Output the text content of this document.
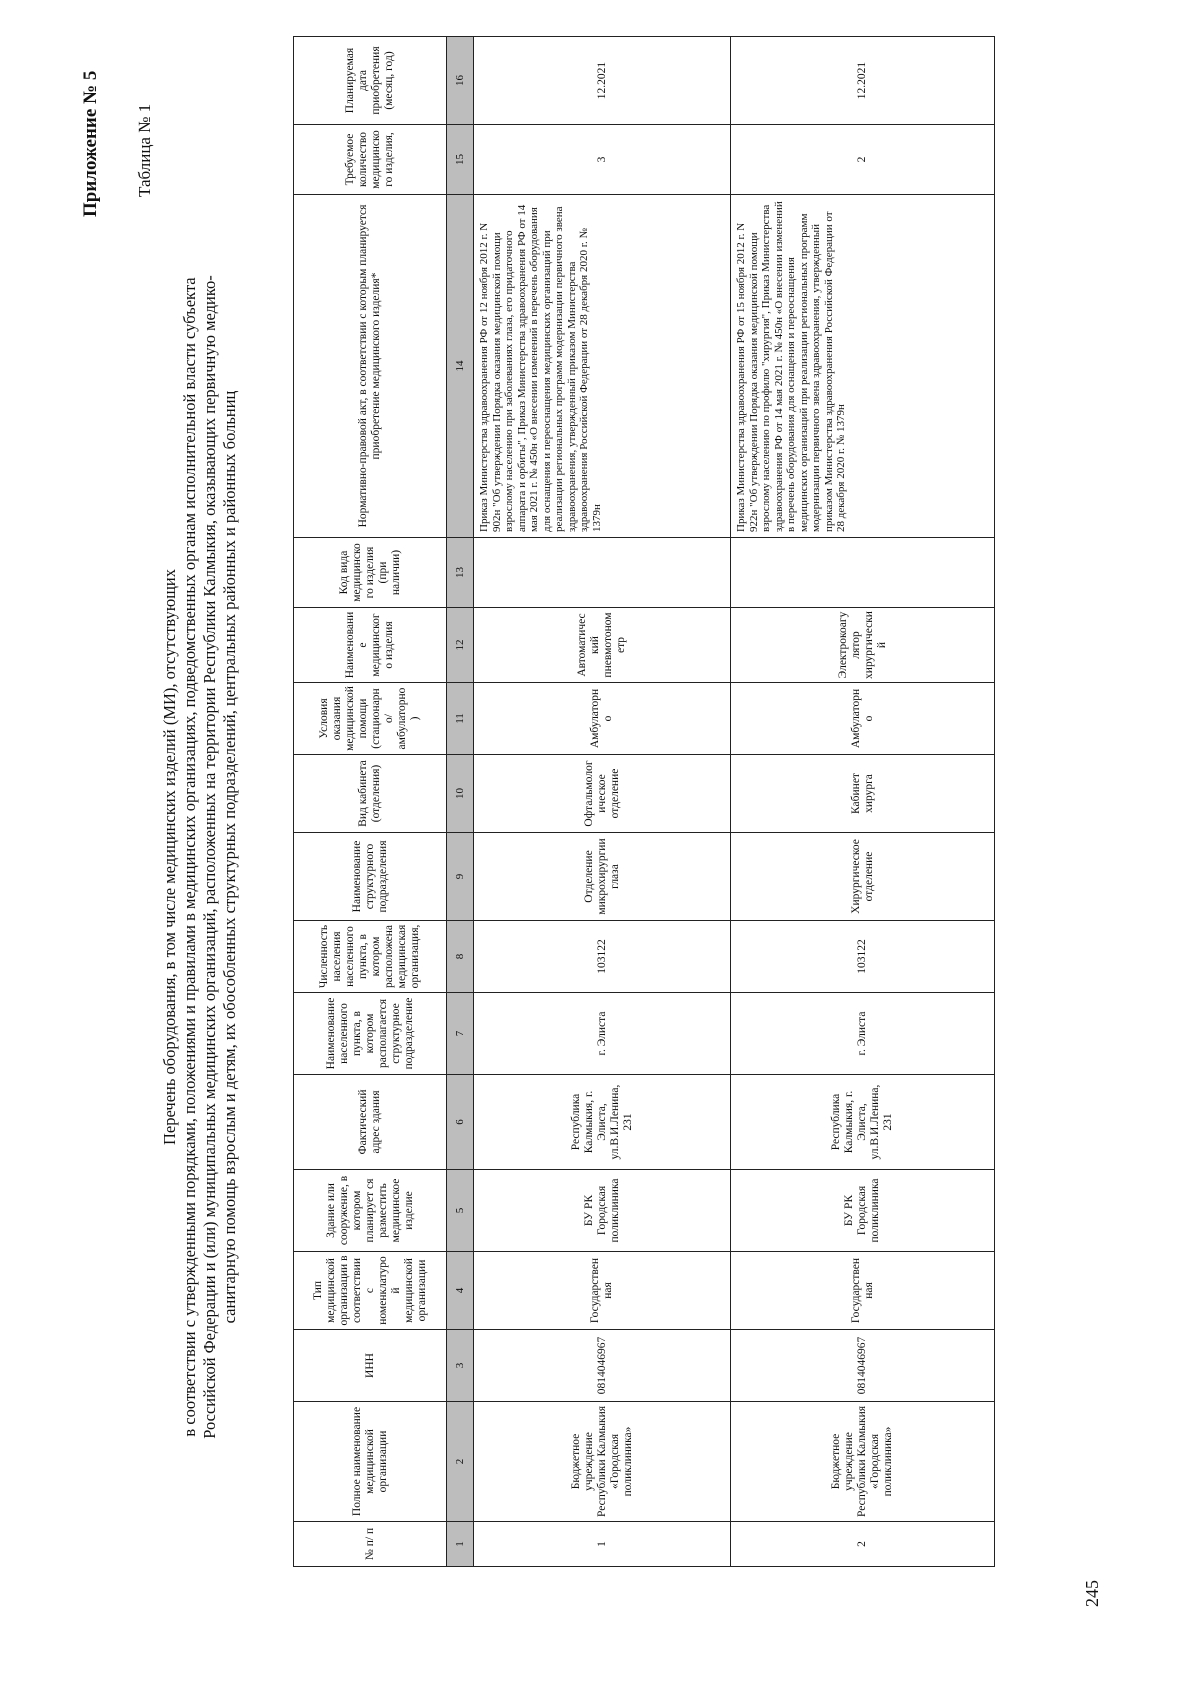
Приложение № 5 Таблица № 1
Перечень оборудования, в том числе медицинских изделий (МИ), отсутствующих в соответствии с утвержденными порядками, положениями и правилами в медицинских организациях, подведомственных органам исполнительной власти субъекта Российской Федерации и (или) муниципальных медицинских организаций, расположенных на территории Республики Калмыкия, оказывающих первичную медико- санитарную помощь взрослым и детям, их обособленных структурных подразделений, центральных районных и районных больниц
№ п/ п	Полное наименование медицинской организации	ИНН	Тип медицинской организации в соответствии с номенклатурой медицинской организации	Здание или сооружение, в котором планирует ся разместить медицинское изделие	Фактический адрес здания	Наименование населенного пункта, в котором располагается структурное подразделение	Численность населения населенного пункта, в котором расположена медицинская организация,	Наименование структурного подразделения	Вид кабинета (отделения)	Условия оказания медицинской помощи (стационарно/амбулаторно)	Наименование медицинского изделия	Код вида медицинского изделия (при наличии)	Нормативно-правовой акт, в соответствии с которым планируется приобретение медицинского изделия*	Требуемое количество медицинского изделия,	Планируемая дата приобретения (месяц, год)
1	2	3	4	5	6	7	8	9	10	11	12	13	14	15	16
1	Бюджетное учреждение Республики Калмыкия «Городская поликлиника»	0814046967	Государственная	БУ РК Городская поликлиника	Республика Калмыкия, г. Элиста, ул.В.И.Ленина, 231	г. Элиста	103122	Отделение микрохирургии глаза	Офтальмологическое отделение	Амбулаторно	Автоматический пневмотонометр		Приказ Министерства здравоохранения РФ от 12 ноября 2012 г. N 902н "Об утверждении Порядка оказания медицинской помощи взрослому населению при заболеваниях глаза, его придаточного аппарата и орбиты", Приказ Министерства здравоохранения РФ от 14 мая 2021 г. № 450н «О внесении изменений в перечень оборудования для оснащения и переоснащения медицинских организаций при реализации региональных программ модернизации первичного звена здравоохранения, утвержденный приказом Министерства здравоохранения Российской Федерации от 28 декабря 2020 г. № 1379н	3	12.2021
2	Бюджетное учреждение Республики Калмыкия «Городская поликлиника»	0814046967	Государственная	БУ РК Городская поликлиника	Республика Калмыкия, г. Элиста, ул.В.И.Ленина, 231	г. Элиста	103122	Хирургическое отделение	Кабинет хирурга	Амбулаторно	Электрокоагулятор хирургический		Приказ Министерства здравоохранения РФ от 15 ноября 2012 г. N 922н "Об утверждении Порядка оказания медицинской помощи взрослому населению по профилю "хирургия", Приказ Министерства здравоохранения РФ от 14 мая 2021 г. № 450н «О внесении изменений в перечень оборудования для оснащения и переоснащения медицинских организаций при реализации региональных программ модернизации первичного звена здравоохранения, утвержденный приказом Министерства здравоохранения Российской Федерации от 28 декабря 2020 г. № 1379н	2	12.2021
245
